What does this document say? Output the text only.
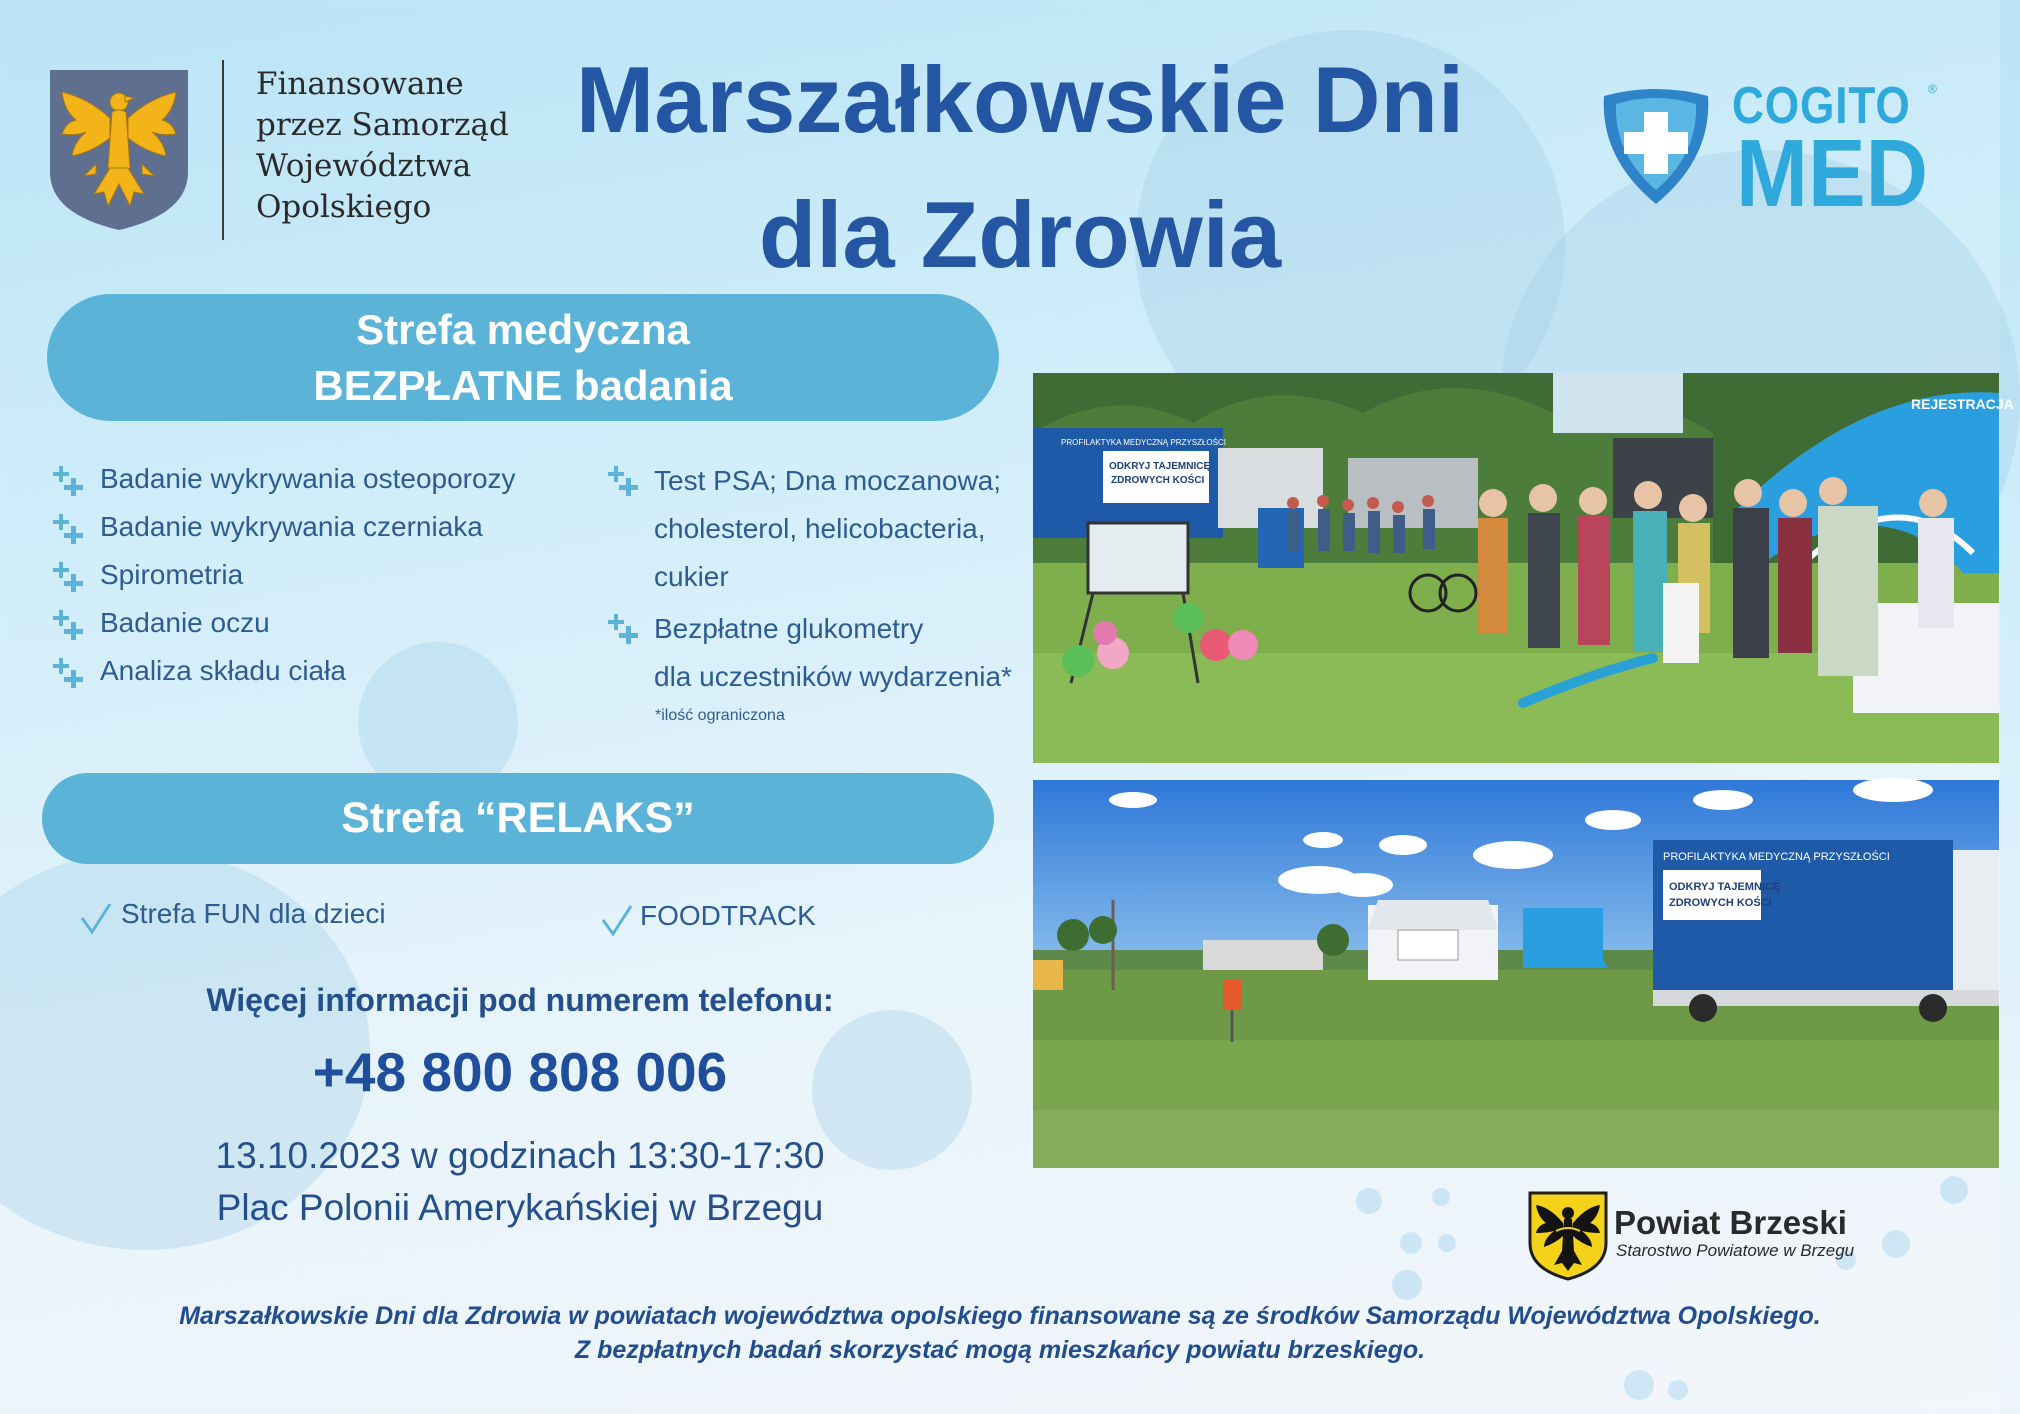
Finansowane
przez Samorząd
Województwa
Opolskiego
Marszałkowskie Dni
dla Zdrowia
COGITO ®
MED
Strefa medyczna
BEZPŁATNE badania
Badanie wykrywania osteoporozy
Badanie wykrywania czerniaka
Spirometria
Badanie oczu
Analiza składu ciała
Test PSA; Dna moczanowa;
cholesterol, helicobacteria,
cukier
Bezpłatne glukometry
dla uczestników wydarzenia*
*ilość ograniczona
Strefa “RELAKS”
Strefa FUN dla dzieci	FOODTRACK
Więcej informacji pod numerem telefonu:
+48 800 808 006
13.10.2023 w godzinach 13:30-17:30
Plac Polonii Amerykańskiej w Brzegu
PROFILAKTYKA MEDYCZNĄ PRZYSZŁOŚCI
ODKRYJ TAJEMNICĘ
ZDROWYCH KOŚCI
REJESTRACJA
PROFILAKTYKA MEDYCZNĄ PRZYSZŁOŚCI
ODKRYJ TAJEMNICĘ
ZDROWYCH KOŚCI
Powiat Brzeski
Starostwo Powiatowe w Brzegu
Marszałkowskie Dni dla Zdrowia w powiatach województwa opolskiego finansowane są ze środków Samorządu Województwa Opolskiego.
Z bezpłatnych badań skorzystać mogą mieszkańcy powiatu brzeskiego.
